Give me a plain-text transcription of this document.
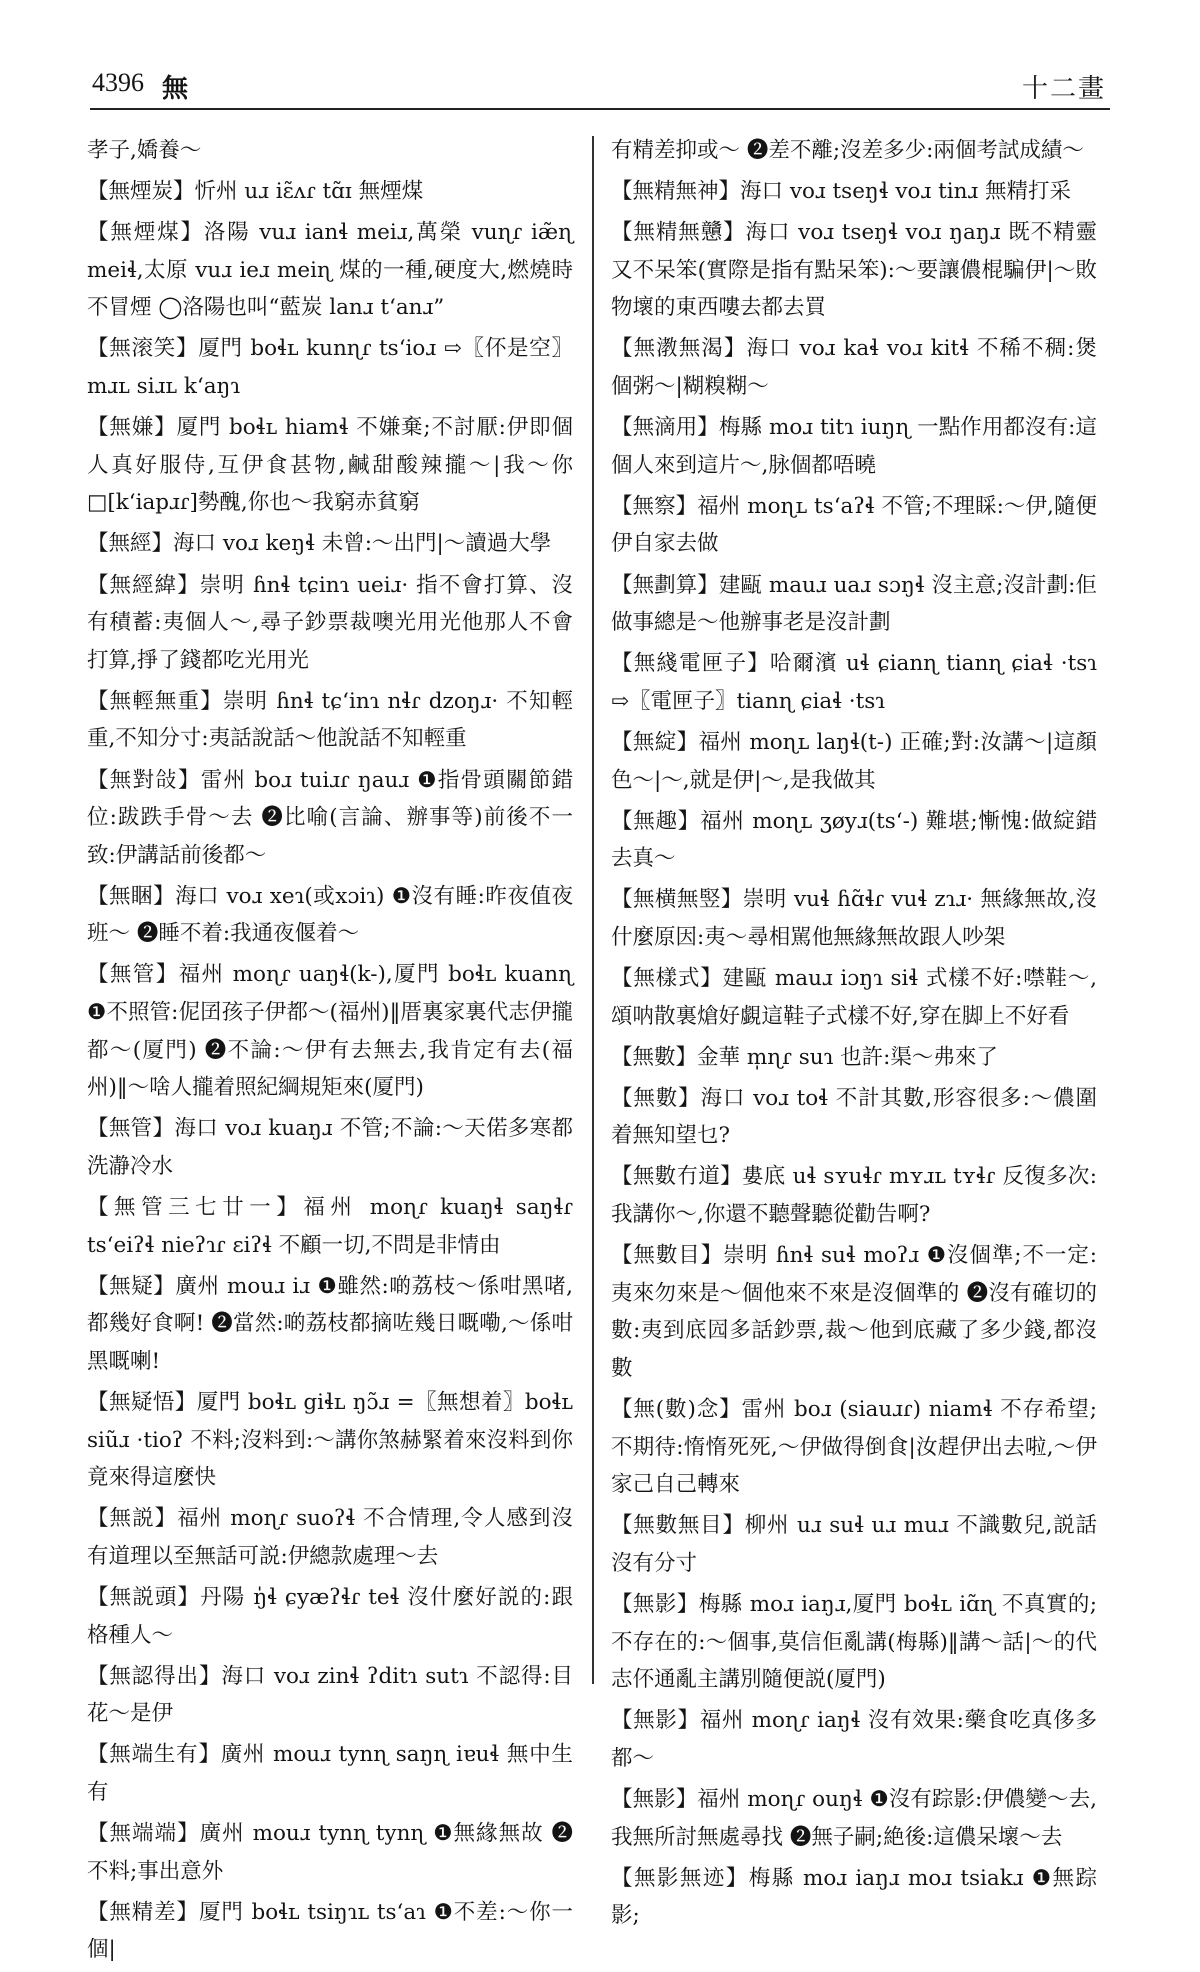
4396 無	十二畫
孝子,嬌養～
【無煙炭】忻州 uɹ iɛ̃ʌɾ tɑ̃ɪ 無煙煤
【無煙煤】洛陽 vuɹ ianɬ meiɹ,萬榮 vuɳɾ iæ̃ɳ meiɬ,太原 vuɹ ieɹ meiɳ 煤的一種,硬度大,燃燒時不冒煙 ◯洛陽也叫“藍炭 lanɹ tʻanɹ”
【無滚笑】厦門 boɬʟ kunɳɾ tsʻioɹ ⇨〖伓是空〗mɹʟ siɹʟ kʻaŋɿ
【無嫌】厦門 boɬʟ hiamɬ 不嫌棄;不討厭:伊即個人真好服侍,互伊食甚物,鹹甜酸辣攏～|我～你□[kʻiapɹɾ]勢醜,你也～我窮赤貧窮
【無經】海口 voɹ keŋɬ 未曾:～出門|～讀過大學
【無經緯】崇明 ɦnɬ tɕinɿ ueiɹ· 指不會打算、沒有積蓄:夷個人～,尋子鈔票裁噢光用光他那人不會打算,掙了錢都吃光用光
【無輕無重】崇明 ɦnɬ tɕʻinɿ nɬɾ dzoŋɹ· 不知輕重,不知分寸:夷話說話～他說話不知輕重
【無對敆】雷州 boɹ tuiɹɾ ŋauɹ ❶指骨頭關節錯位:跋跌手骨～去 ❷比喻(言論、辦事等)前後不一致:伊講話前後都～
【無睏】海口 voɹ xeɿ(或xɔiɿ) ❶沒有睡:昨夜值夜班～ ❷睡不着:我通夜偃着～
【無管】福州 moɳɾ uaŋɬ(k-),厦門 boɬʟ kuanɳ ❶不照管:伲囝孩子伊都～(福州)‖厝裏家裏代志伊攏都～(厦門) ❷不論:～伊有去無去,我肯定有去(福州)‖～啥人攏着照紀綱規矩來(厦門)
【無管】海口 voɹ kuaŋɹ 不管;不論:～天偌多寒都洗瀞冷水
【無管三七廿一】福州 moɳɾ kuaŋɬ saŋɬɾ tsʻeiʔɬ nieʔɿɾ ɛiʔɬ 不顧一切,不問是非情由
【無疑】廣州 mouɹ iɹ ❶雖然:啲荔枝～係咁黑啫,都幾好食啊! ❷當然:啲荔枝都摘咗幾日嘅嘞,～係咁黑嘅喇!
【無疑悟】厦門 boɬʟ giɬʟ ŋɔ̃ɹ =〖無想着〗boɬʟ siũɹ ·tioʔ 不料;沒料到:～講你煞赫緊着來沒料到你竟來得這麼快
【無説】福州 moɳɾ suoʔɬ 不合情理,令人感到沒有道理以至無話可説:伊總款處理～去
【無説頭】丹陽 ŋ̍ɬ ɕyæʔɬɾ teɬ 沒什麼好説的:跟格種人～
【無認得出】海口 voɹ zinɬ ʔditɿ sutɿ 不認得:目花～是伊
【無端生有】廣州 mouɹ tynɳ saŋɳ iɐuɬ 無中生有
【無端端】廣州 mouɹ tynɳ tynɳ ❶無緣無故 ❷不料;事出意外
【無精差】厦門 boɬʟ tsiŋɿʟ tsʻaɿ ❶不差:～你一個|
有精差抑或～ ❷差不離;沒差多少:兩個考試成績～
【無精無神】海口 voɹ tseŋɬ voɹ tinɹ 無精打采
【無精無戇】海口 voɹ tseŋɬ voɹ ŋaŋɹ 既不精靈又不呆笨(實際是指有點呆笨):～要讓儂棍騙伊|～敗物壞的東西嘍去都去買
【無漖無渴】海口 voɹ kaɬ voɹ kitɬ 不稀不稠:煲個粥～|糊糗糊～
【無滴用】梅縣 moɹ titɿ iuŋɳ 一點作用都沒有:這個人來到這片～,脉個都唔曉
【無察】福州 moɳʟ tsʻaʔɬ 不管;不理睬:～伊,隨便伊自家去做
【無劃算】建甌 mauɹ uaɹ sɔŋɬ 沒主意;沒計劃:佢做事總是～他辦事老是沒計劃
【無綫電匣子】哈爾濱 uɬ ɕianɳ tianɳ ɕiaɬ ·tsɿ ⇨〖電匣子〗tianɳ ɕiaɬ ·tsɿ
【無綻】福州 moɳʟ laŋɬ(t-) 正確;對:汝講～|這顏色～|～,就是伊|～,是我做其
【無趣】福州 moɳʟ ʒøyɹ(tsʻ-) 難堪;慚愧:做綻錯去真～
【無横無竪】崇明 vuɬ ɦɑ̃ɬɾ vuɬ zɿɹ· 無緣無故,沒什麼原因:夷～尋相駡他無緣無故跟人吵架
【無樣式】建甌 mauɹ iɔŋɿ siɬ 式樣不好:噤鞋～,頌呐散裏熗好覷這鞋子式樣不好,穿在脚上不好看
【無數】金華 m̩ɳɾ suɿ 也許:渠～弗來了
【無數】海口 voɹ toɬ 不計其數,形容很多:～儂圍着無知望乜?
【無數冇道】婁底 uɬ sʏuɬɾ mʏɹʟ tʏɬɾ 反復多次:我講你～,你還不聽聲聽從勸告啊?
【無數目】崇明 ɦnɬ suɬ moʔɹ ❶沒個準;不一定:夷來勿來是～個他來不來是沒個準的 ❷沒有確切的數:夷到底囥多話鈔票,裁～他到底藏了多少錢,都沒數
【無(數)念】雷州 boɹ (siauɹɾ) niamɬ 不存希望;不期待:惰惰死死,～伊做得倒食|汝趕伊出去啦,～伊家己自己轉來
【無數無目】柳州 uɹ suɬ uɹ muɹ 不識數兒,説話沒有分寸
【無影】梅縣 moɹ iaŋɹ,厦門 boɬʟ iɑ̃ɳ 不真實的;不存在的:～個事,莫信佢亂講(梅縣)‖講～話|～的代志伓通亂主講別隨便説(厦門)
【無影】福州 moɳɾ iaŋɬ 沒有效果:藥食吃真侈多都～
【無影】福州 moɳɾ ouŋɬ ❶沒有踪影:伊儂變～去,我無所討無處尋找 ❷無子嗣;絶後:這儂呆壞～去
【無影無迹】梅縣 moɹ iaŋɹ moɹ tsiakɹ ❶無踪影;
